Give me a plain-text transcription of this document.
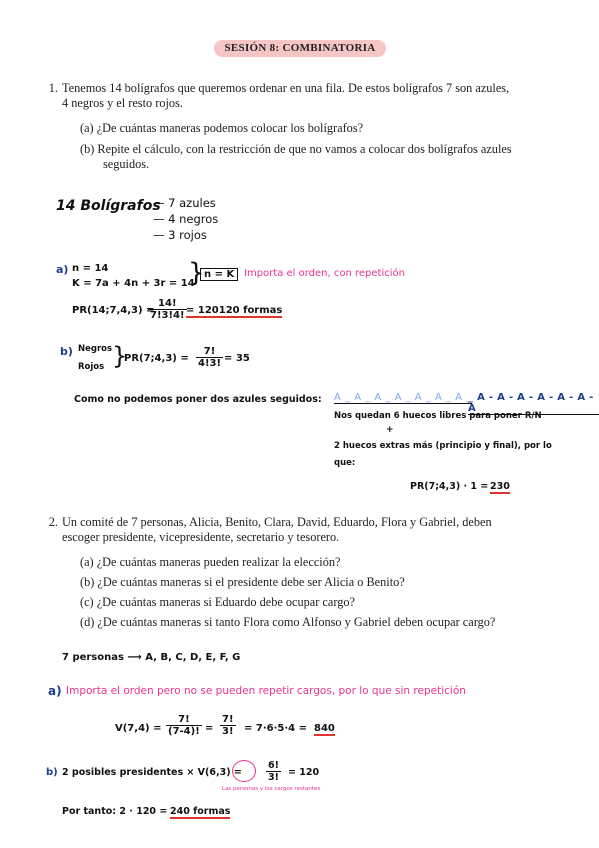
SESIÓN 8: COMBINATORIA
1. Tenemos 14 bolígrafos que queremos ordenar en una fila. De estos bolígrafos 7 son azules,
4 negros y el resto rojos.
(a) ¿De cuántas maneras podemos colocar los bolígrafos?
(b) Repite el cálculo, con la restricción de que no vamos a colocar dos bolígrafos azules
seguidos.
14 Bolígrafos
— 7 azules
— 4 negros
— 3 rojos
a) n = 14
K = 7a + 4n + 3r = 14
} n = K Importa el orden, con repetición
PR(14;7,4,3) =
$\frac{14!}{7!3!4!} = 120120$ formas
b) Negros
Rojos }
PR(7;4,3) = $\frac{7!}{4!3!} = 35$
Como no podemos poner dos azules seguidos: A _ A _ A _ A _ A _ A _ A _
_ A - A - A - A - A - A - A
Nos quedan 6 huecos libres para poner R/N
+
2 huecos extras más (principio y final), por lo
que:
PR(7;4,3) · 1 = 230
2. Un comité de 7 personas, Alicia, Benito, Clara, David, Eduardo, Flora y Gabriel, deben
escoger presidente, vicepresidente, secretario y tesorero.
(a) ¿De cuántas maneras pueden realizar la elección?
(b) ¿De cuántas maneras si el presidente debe ser Alicia o Benito?
(c) ¿De cuántas maneras si Eduardo debe ocupar cargo?
(d) ¿De cuántas maneras si tanto Flora como Alfonso y Gabriel deben ocupar cargo?
7 personas ⟶ A, B, C, D, E, F, G
a) Importa el orden pero no se pueden repetir cargos, por lo que sin repetición
$V(7,4) = \frac{7!}{(7-4)!} = \frac{7!}{3!} = 7\cdot 6\cdot 5\cdot 4 = 840$
b) 2 posibles presidentes × V(6,3) =	$\frac{6!}{3!} = 120$
Las personas y los cargos restantes
Por tanto: 2 · 120 = 240 formas
